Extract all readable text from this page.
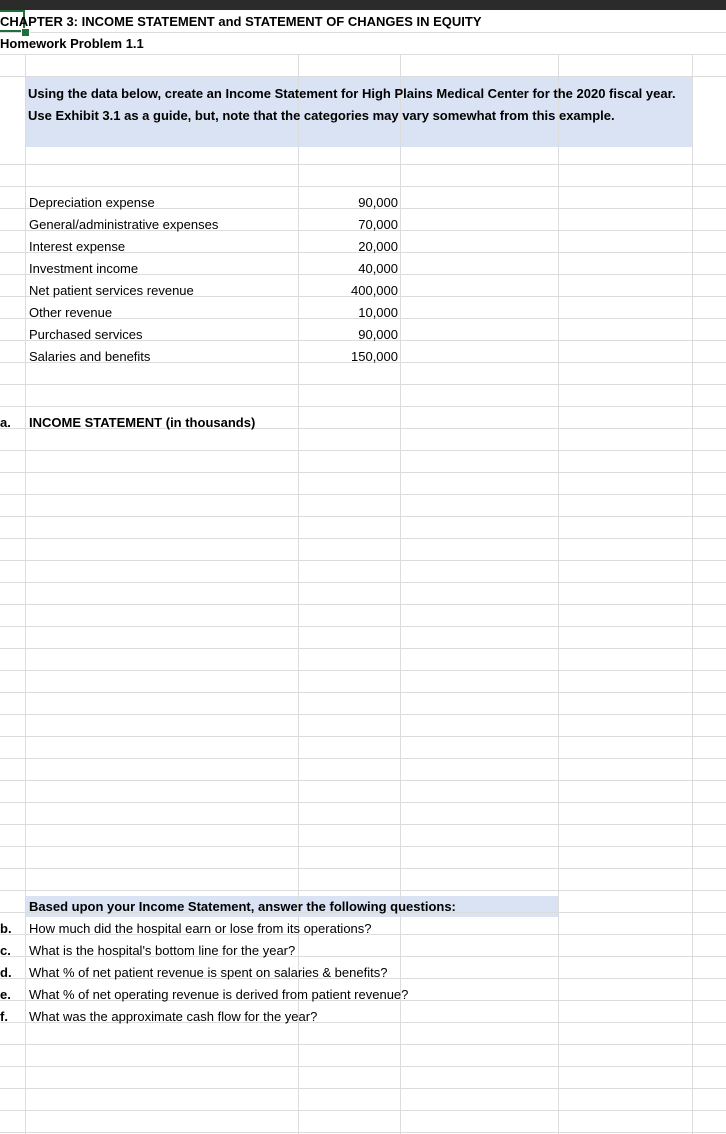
CHAPTER 3: INCOME STATEMENT and STATEMENT OF CHANGES IN EQUITY
Homework Problem 1.1
Using the data below, create an Income Statement for High Plains Medical Center for the 2020 fiscal year. Use Exhibit 3.1 as a guide, but, note that the categories may vary somewhat from this example.
Depreciation expense	90,000
General/administrative expenses	70,000
Interest expense	20,000
Investment income	40,000
Net patient services revenue	400,000
Other revenue	10,000
Purchased services	90,000
Salaries and benefits	150,000
a. INCOME STATEMENT (in thousands)
Based upon your Income Statement, answer the following questions:
b. How much did the hospital earn or lose from its operations?
c. What is the hospital's bottom line for the year?
d. What % of net patient revenue is spent on salaries & benefits?
e. What % of net operating revenue is derived from patient revenue?
f. What was the approximate cash flow for the year?
